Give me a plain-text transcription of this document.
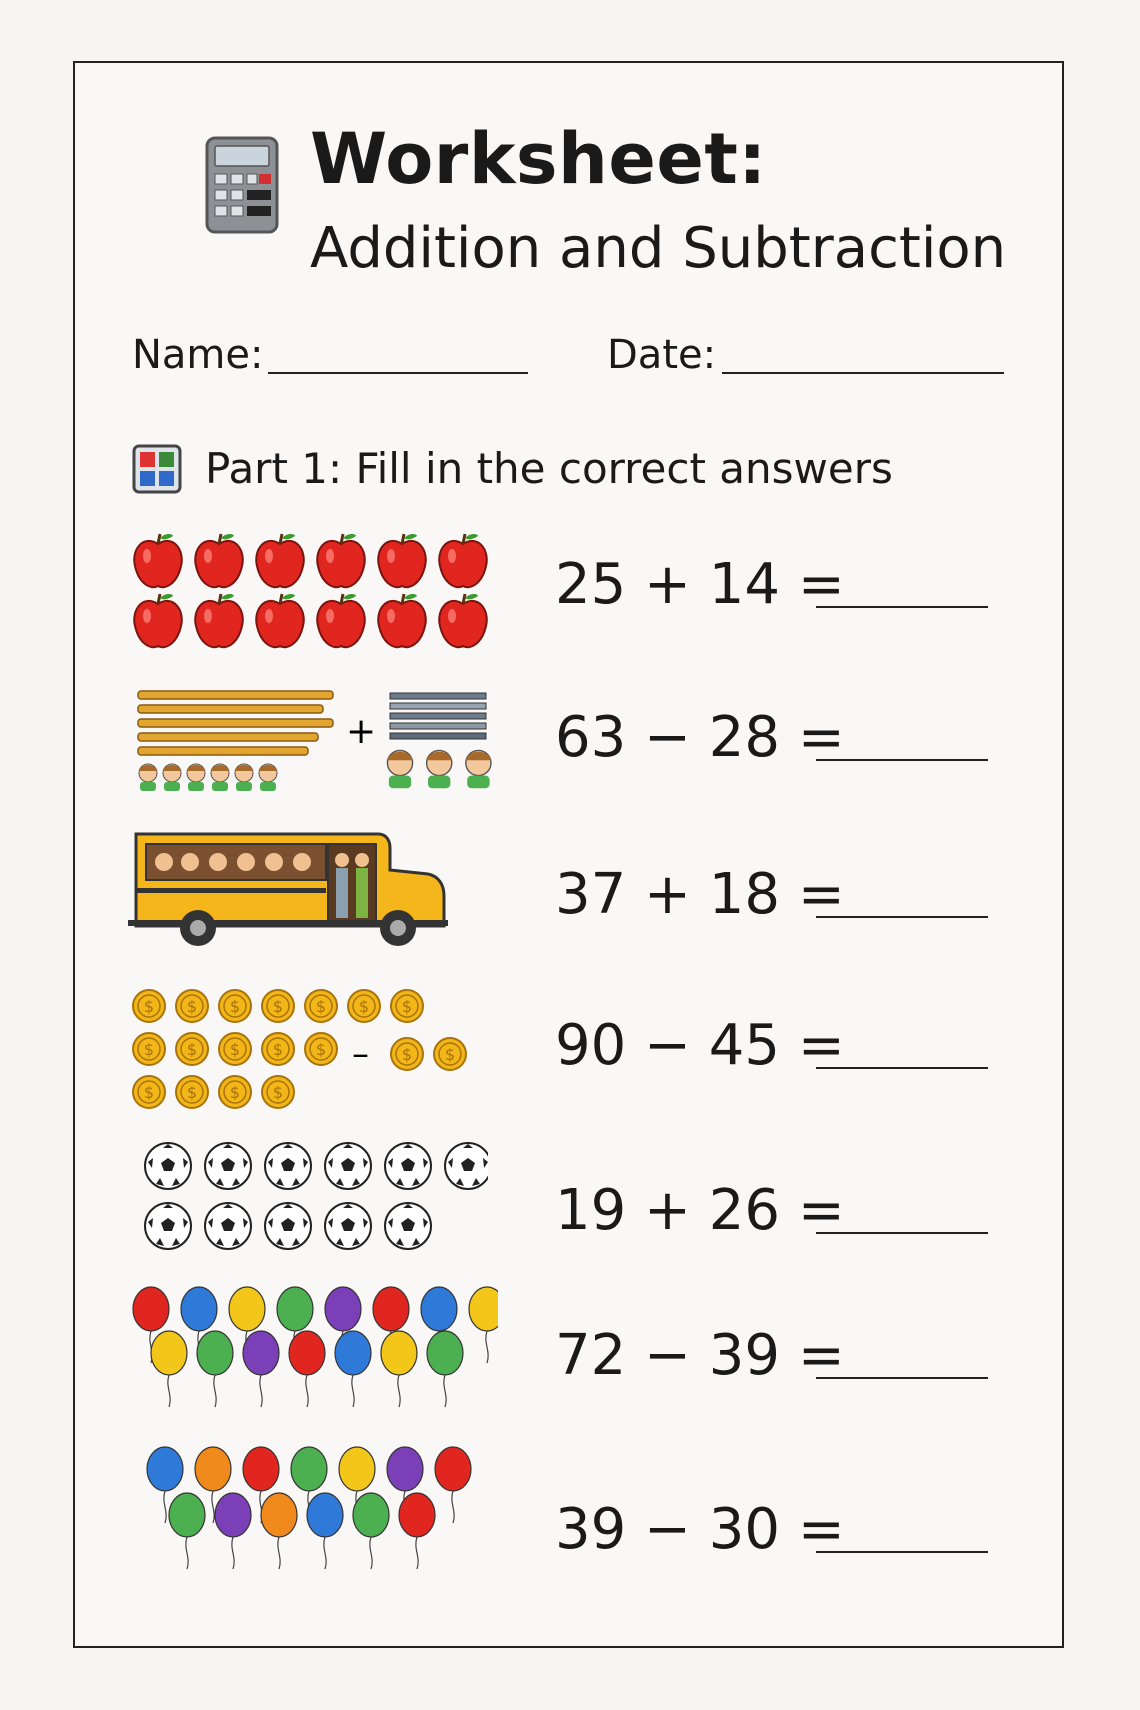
Worksheet:
Addition and Subtraction
Name:	Date:
Part 1: Fill in the correct answers
25 + 14 =
+	63 − 28 =
37 + 18 =
–	90 − 45 =
19 + 26 =
72 − 39 =
39 − 30 =
